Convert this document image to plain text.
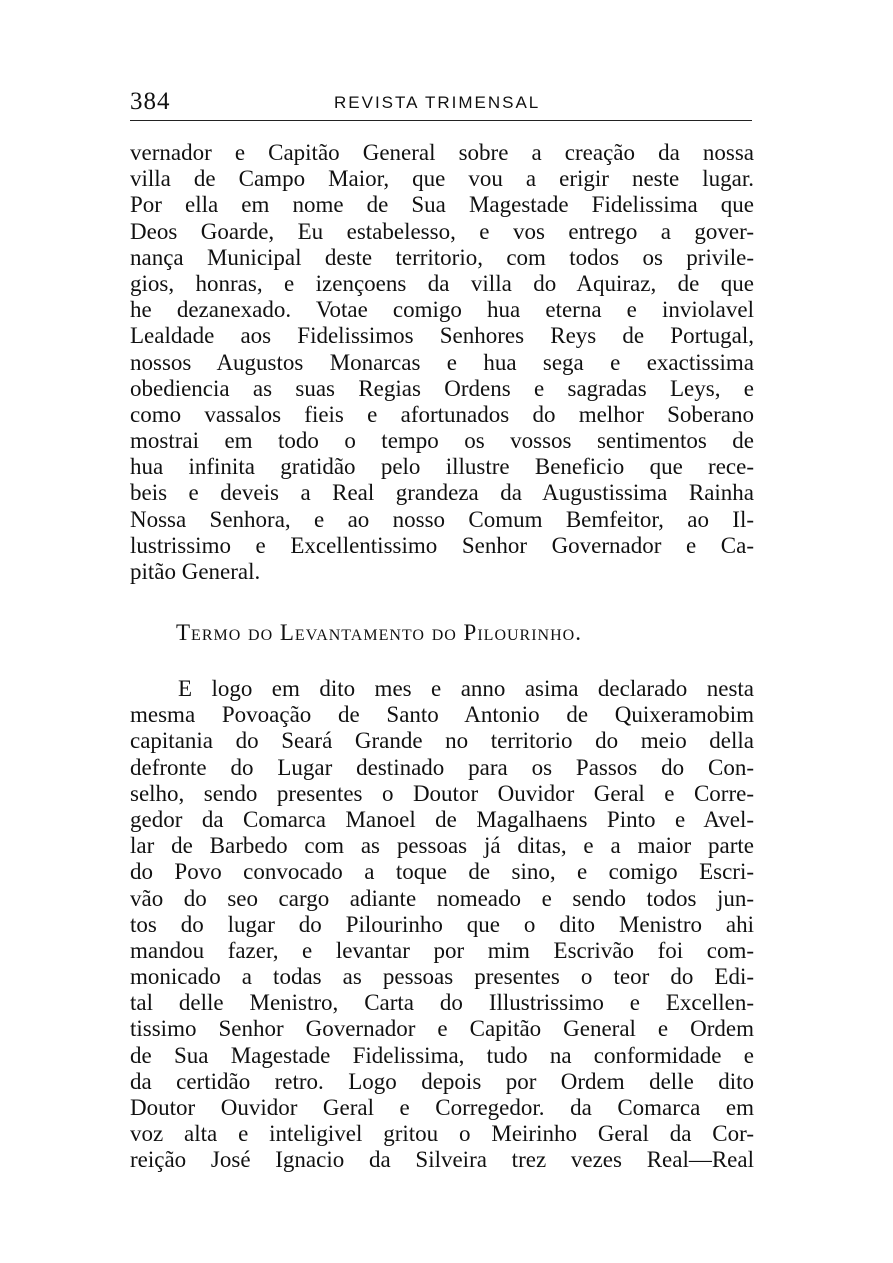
384	REVISTA TRIMENSAL
vernador e Capitão General sobre a creação da nossa
villa de Campo Maior, que vou a erigir neste lugar.
Por ella em nome de Sua Magestade Fidelissima que
Deos Goarde, Eu estabelesso, e vos entrego a gover-
nança Municipal deste territorio, com todos os privile-
gios, honras, e izençoens da villa do Aquiraz, de que
he dezanexado. Votae comigo hua eterna e inviolavel
Lealdade aos Fidelissimos Senhores Reys de Portugal,
nossos Augustos Monarcas e hua sega e exactissima
obediencia as suas Regias Ordens e sagradas Leys, e
como vassalos fieis e afortunados do melhor Soberano
mostrai em todo o tempo os vossos sentimentos de
hua infinita gratidão pelo illustre Beneficio que rece-
beis e deveis a Real grandeza da Augustissima Rainha
Nossa Senhora, e ao nosso Comum Bemfeitor, ao Il-
lustrissimo e Excellentissimo Senhor Governador e Ca-
pitão General.
Termo do Levantamento do Pilourinho.
E logo em dito mes e anno asima declarado nesta
mesma Povoação de Santo Antonio de Quixeramobim
capitania do Seará Grande no territorio do meio della
defronte do Lugar destinado para os Passos do Con-
selho, sendo presentes o Doutor Ouvidor Geral e Corre-
gedor da Comarca Manoel de Magalhaens Pinto e Avel-
lar de Barbedo com as pessoas já ditas, e a maior parte
do Povo convocado a toque de sino, e comigo Escri-
vão do seo cargo adiante nomeado e sendo todos jun-
tos do lugar do Pilourinho que o dito Menistro ahi
mandou fazer, e levantar por mim Escrivão foi com-
monicado a todas as pessoas presentes o teor do Edi-
tal delle Menistro, Carta do Illustrissimo e Excellen-
tissimo Senhor Governador e Capitão General e Ordem
de Sua Magestade Fidelissima, tudo na conformidade e
da certidão retro. Logo depois por Ordem delle dito
Doutor Ouvidor Geral e Corregedor. da Comarca em
voz alta e inteligivel gritou o Meirinho Geral da Cor-
reição José Ignacio da Silveira trez vezes Real—Real
